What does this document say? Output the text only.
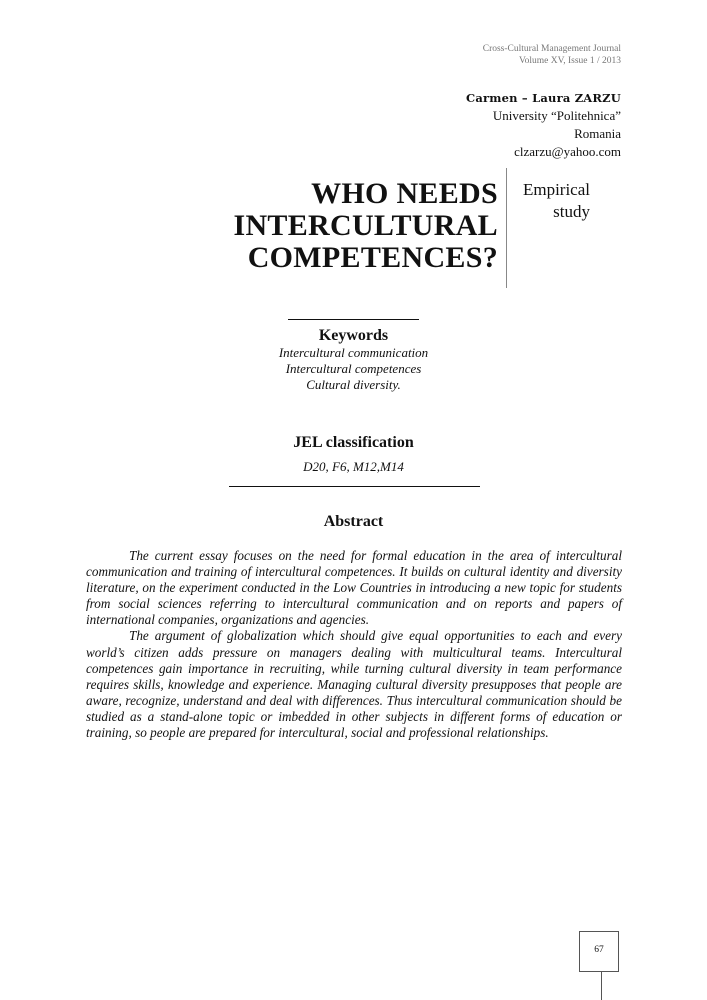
Cross-Cultural Management Journal
Volume XV, Issue 1 / 2013
Carmen – Laura ZARZU
University “Politehnica”
Romania
clzarzu@yahoo.com
WHO NEEDS
INTERCULTURAL
COMPETENCES?
Empirical
study
Keywords
Intercultural communication
Intercultural competences
Cultural diversity.
JEL classification
D20, F6, M12,M14
Abstract

The current essay focuses on the need for formal education in the area of intercultural communication and training of intercultural competences. It builds on cultural identity and diversity literature, on the experiment conducted in the Low Countries in introducing a new topic for students from social sciences referring to intercultural communication and on reports and papers of international companies, organizations and agencies.

The argument of globalization which should give equal opportunities to each and every world’s citizen adds pressure on managers dealing with multicultural teams. Intercultural competences gain importance in recruiting, while turning cultural diversity in team performance requires skills, knowledge and experience. Managing cultural diversity presupposes that people are aware, recognize, understand and deal with differences. Thus intercultural communication should be studied as a stand-alone topic or imbedded in other subjects in different forms of education or training, so people are prepared for intercultural, social and professional relationships.

67
